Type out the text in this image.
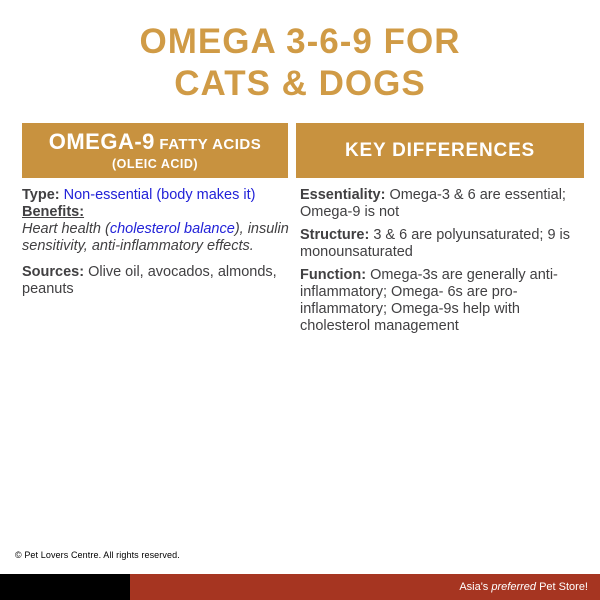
OMEGA 3-6-9 FOR
CATS & DOGS
OMEGA-9 FATTY ACIDS
(OLEIC ACID)
KEY DIFFERENCES

Type: Non-essential (body makes it)

Benefits:

Heart health (cholesterol balance), insulin sensitivity, anti-inflammatory effects.

Sources: Olive oil, avocados, almonds, peanuts

Essentiality: Omega-3 & 6 are essential; Omega-9 is not

Structure: 3 & 6 are polyunsaturated; 9 is monounsaturated

Function: Omega-3s are generally anti-inflammatory; Omega- 6s are pro-inflammatory; Omega-9s help with cholesterol management

© Pet Lovers Centre. All rights reserved.
Asia's preferred Pet Store!
